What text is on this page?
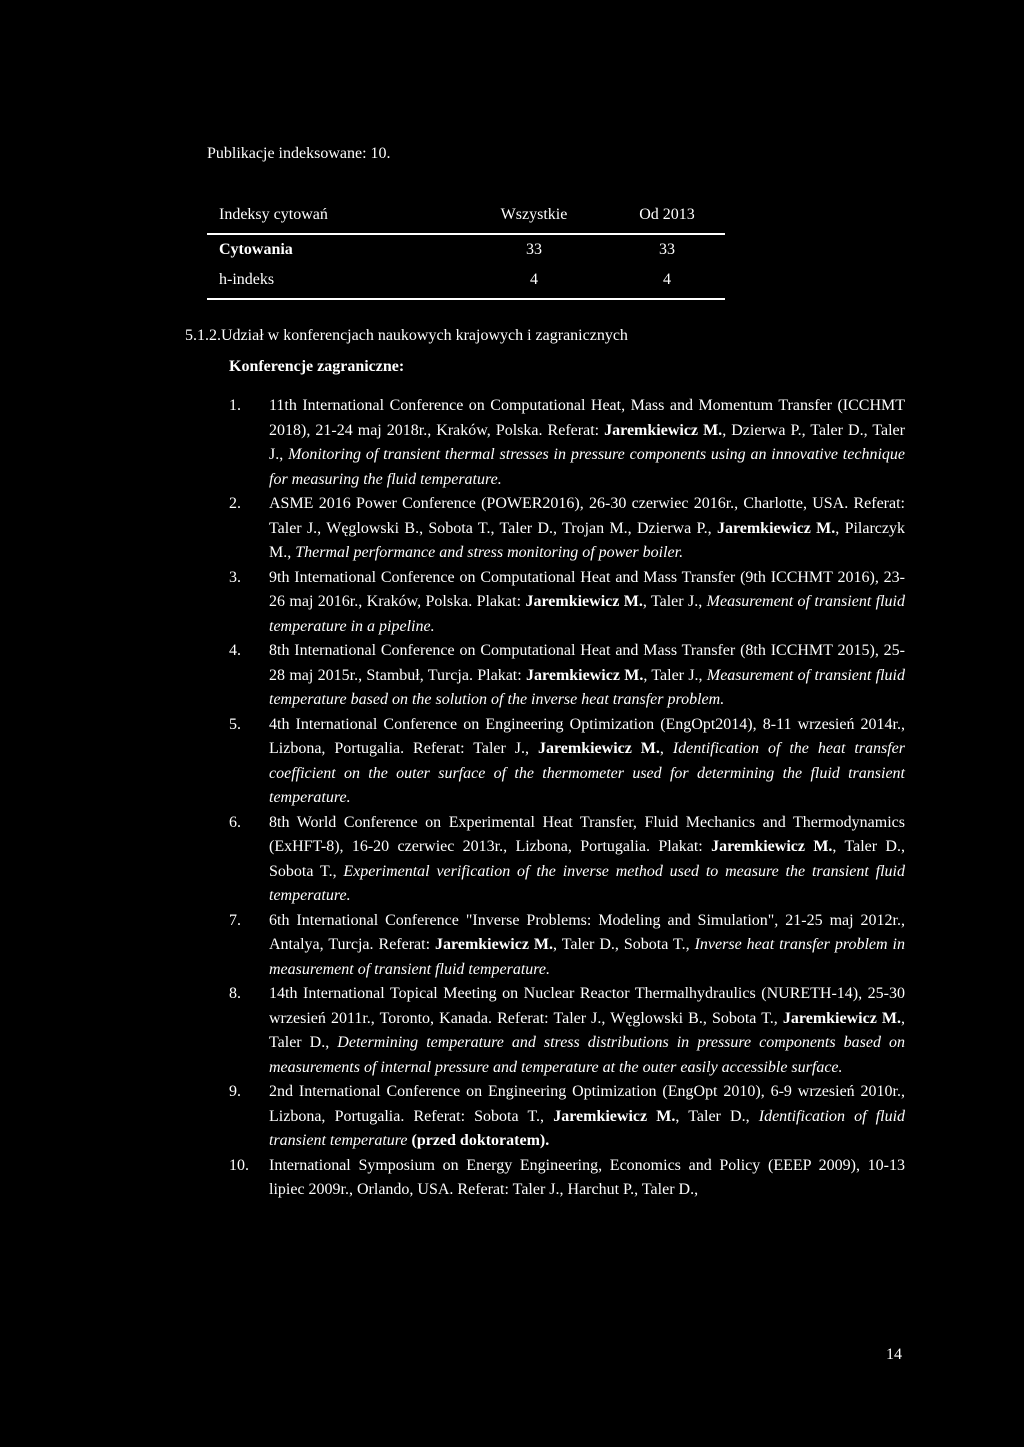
Publikacje indeksowane: 10.
Indeksy cytowań	Wszystkie	Od 2013
Cytowania	33	33
h-indeks	4	4
5.1.2.Udział w konferencjach naukowych krajowych i zagranicznych
Konferencje zagraniczne:
1.	11th International Conference on Computational Heat, Mass and Momentum Transfer (ICCHMT 2018), 21-24 maj 2018r., Kraków, Polska. Referat: Jaremkiewicz M., Dzierwa P., Taler D., Taler J., Monitoring of transient thermal stresses in pressure components using an innovative technique for measuring the fluid temperature.
2.	ASME 2016 Power Conference (POWER2016), 26-30 czerwiec 2016r., Charlotte, USA. Referat: Taler J., Węglowski B., Sobota T., Taler D., Trojan M., Dzierwa P., Jaremkiewicz M., Pilarczyk M., Thermal performance and stress monitoring of power boiler.
3.	9th International Conference on Computational Heat and Mass Transfer (9th ICCHMT 2016), 23-26 maj 2016r., Kraków, Polska. Plakat: Jaremkiewicz M., Taler J., Measurement of transient fluid temperature in a pipeline.
4.	8th International Conference on Computational Heat and Mass Transfer (8th ICCHMT 2015), 25-28 maj 2015r., Stambuł, Turcja. Plakat: Jaremkiewicz M., Taler J., Measurement of transient fluid temperature based on the solution of the inverse heat transfer problem.
5.	4th International Conference on Engineering Optimization (EngOpt2014), 8-11 wrzesień 2014r., Lizbona, Portugalia. Referat: Taler J., Jaremkiewicz M., Identification of the heat transfer coefficient on the outer surface of the thermometer used for determining the fluid transient temperature.
6.	8th World Conference on Experimental Heat Transfer, Fluid Mechanics and Thermodynamics (ExHFT-8), 16-20 czerwiec 2013r., Lizbona, Portugalia. Plakat: Jaremkiewicz M., Taler D., Sobota T., Experimental verification of the inverse method used to measure the transient fluid temperature.
7.	6th International Conference "Inverse Problems: Modeling and Simulation", 21-25 maj 2012r., Antalya, Turcja. Referat: Jaremkiewicz M., Taler D., Sobota T., Inverse heat transfer problem in measurement of transient fluid temperature.
8.	14th International Topical Meeting on Nuclear Reactor Thermalhydraulics (NURETH-14), 25-30 wrzesień 2011r., Toronto, Kanada. Referat: Taler J., Węglowski B., Sobota T., Jaremkiewicz M., Taler D., Determining temperature and stress distributions in pressure components based on measurements of internal pressure and temperature at the outer easily accessible surface.
9.	2nd International Conference on Engineering Optimization (EngOpt 2010), 6-9 wrzesień 2010r., Lizbona, Portugalia. Referat: Sobota T., Jaremkiewicz M., Taler D., Identification of fluid transient temperature (przed doktoratem).
10.	International Symposium on Energy Engineering, Economics and Policy (EEEP 2009), 10-13 lipiec 2009r., Orlando, USA. Referat: Taler J., Harchut P., Taler D.,
14
